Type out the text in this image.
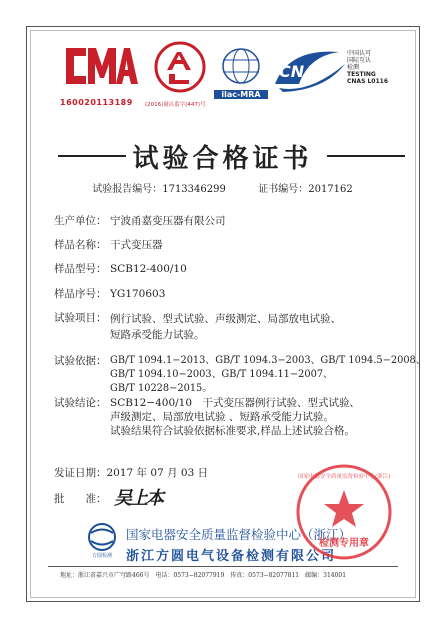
160020113189 (2016)量认监字(447)号
ilac-MRA
CNAS
中国认可
国际互认
检测
TESTING
CNAS L0116
试验合格证书
试验报告编号：1713346299	证书编号：2017162
生产单位： 宁波甬嘉变压器有限公司
样品名称： 干式变压器
样品型号： SCB12-400/10
样品序号： YG170603
试验项目： 例行试验、型式试验、声级测定、局部放电试验、
短路承受能力试验。
试验依据： GB/T 1094.1−2013、GB/T 1094.3−2003、GB/T 1094.5−2008、
GB/T 1094.10−2003、GB/T 1094.11−2007、
GB/T 10228−2015。
试验结论： SCB12−400/10　干式变压器例行试验、型式试验、
声级测定、局部放电试验 、短路承受能力试验。
试验结果符合试验依据标准要求,样品上述试验合格。
发证日期：2017 年 07 月 03 日
批　　准： 吴上本
方圆检测
国家电器安全质量监督检验中心（浙江）
浙江方圆电气设备检测有限公司
国家电器安全质量监督检验中心(浙江)
检测专用章
地址：浙江省嘉兴市广穹路466号　电话：0573−82077919　传真：0573−82077811　邮编：314001
